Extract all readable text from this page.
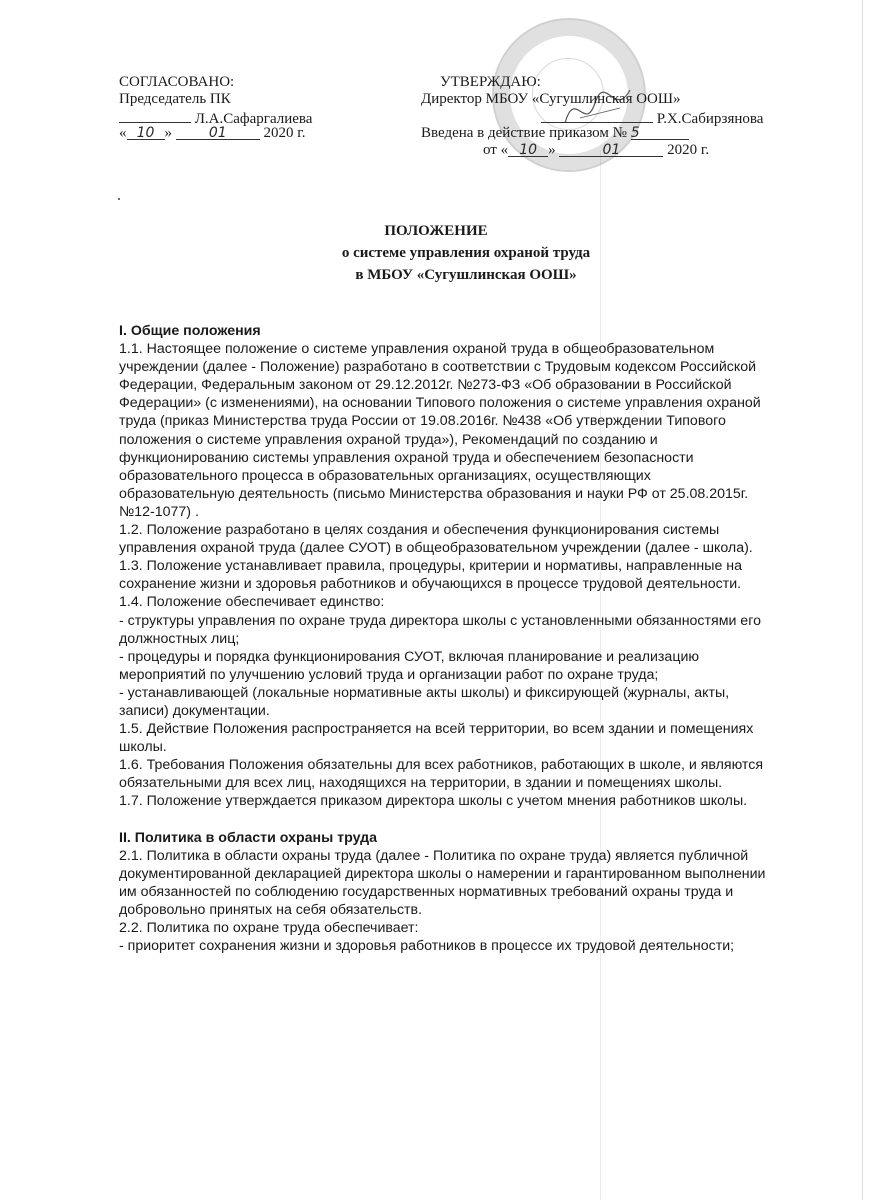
СОГЛАСОВАНО:
Председатель ПК
Л.А.Сафаргалиева
« 10 » 01 2020 г.
УТВЕРЖДАЮ:
Директор МБОУ «Сугушлинская ООШ»
Р.Х.Сабирзянова
Введена в действие приказом № 5
от « 10 »	01	2020 г.
ПОЛОЖЕНИЕ
о системе управления охраной труда
в МБОУ «Сугушлинская ООШ»

I. Общие положения

1.1. Настоящее положение о системе управления охраной труда в общеобразовательном учреждении (далее - Положение) разработано в соответствии с Трудовым кодексом Российской Федерации, Федеральным законом от 29.12.2012г. №273-ФЗ «Об образовании в Российской Федерации» (с изменениями), на основании Типового положения о системе управления охраной труда (приказ Министерства труда России от 19.08.2016г. №438 «Об утверждении Типового положения о системе управления охраной труда»), Рекомендаций по созданию и функционированию системы управления охраной труда и обеспечением безопасности образовательного процесса в образовательных организациях, осуществляющих образовательную деятельность (письмо Министерства образования и науки РФ от 25.08.2015г. №12-1077) .

1.2. Положение разработано в целях создания и обеспечения функционирования системы управления охраной труда (далее СУОТ) в общеобразовательном учреждении (далее - школа).

1.3. Положение устанавливает правила, процедуры, критерии и нормативы, направленные на сохранение жизни и здоровья работников и обучающихся в процессе трудовой деятельности.

1.4. Положение обеспечивает единство:

- структуры управления по охране труда директора школы с установленными обязанностями его должностных лиц;

- процедуры и порядка функционирования СУОТ, включая планирование и реализацию мероприятий по улучшению условий труда и организации работ по охране труда;

- устанавливающей (локальные нормативные акты школы) и фиксирующей (журналы, акты, записи) документации.

1.5. Действие Положения распространяется на всей территории, во всем здании и помещениях школы.

1.6. Требования Положения обязательны для всех работников, работающих в школе, и являются обязательными для всех лиц, находящихся на территории, в здании и помещениях школы.

1.7. Положение утверждается приказом директора школы с учетом мнения работников школы.

II. Политика в области охраны труда

2.1. Политика в области охраны труда (далее - Политика по охране труда) является публичной документированной декларацией директора школы о намерении и гарантированном выполнении им обязанностей по соблюдению государственных нормативных требований охраны труда и добровольно принятых на себя обязательств.

2.2. Политика по охране труда обеспечивает:

- приоритет сохранения жизни и здоровья работников в процессе их трудовой деятельности;
